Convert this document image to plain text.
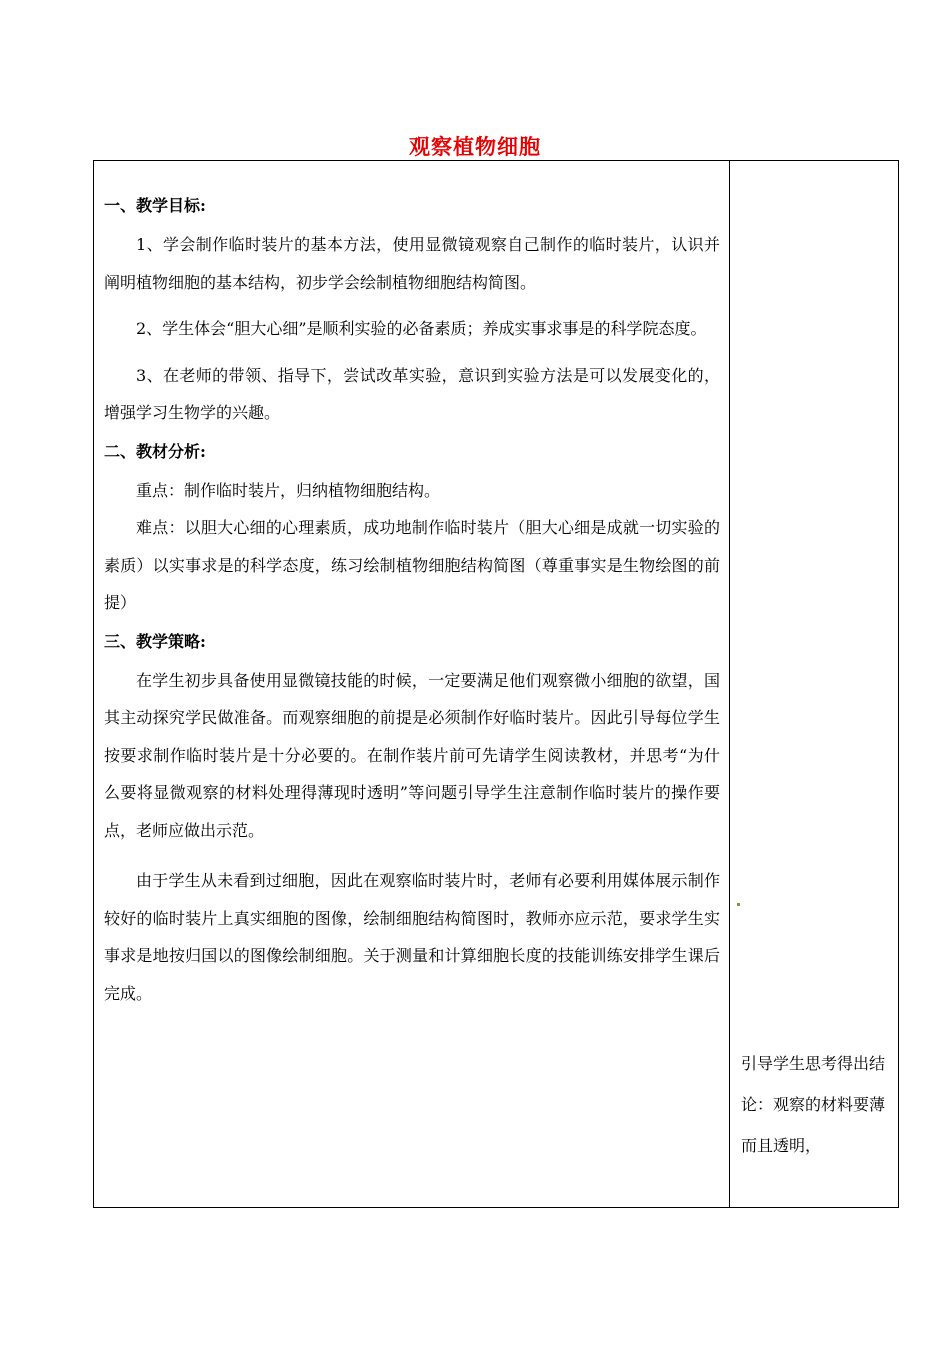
观察植物细胞
一、教学目标:

1、学会制作临时装片的基本方法，使用显微镜观察自己制作的临时装片，认识并阐明植物细胞的基本结构，初步学会绘制植物细胞结构简图。

2、学生体会“胆大心细”是顺利实验的必备素质；养成实事求事是的科学院态度。

3、在老师的带领、指导下，尝试改革实验，意识到实验方法是可以发展变化的，增强学习生物学的兴趣。

二、教材分析:

重点：制作临时装片，归纳植物细胞结构。

难点：以胆大心细的心理素质，成功地制作临时装片（胆大心细是成就一切实验的素质）以实事求是的科学态度，练习绘制植物细胞结构简图（尊重事实是生物绘图的前提）

三、教学策略:

在学生初步具备使用显微镜技能的时候，一定要满足他们观察微小细胞的欲望，国其主动探究学民做准备。而观察细胞的前提是必须制作好临时装片。因此引导每位学生按要求制作临时装片是十分必要的。在制作装片前可先请学生阅读教材，并思考“为什么要将显微观察的材料处理得薄现时透明”等问题引导学生注意制作临时装片的操作要点，老师应做出示范。

由于学生从未看到过细胞，因此在观察临时装片时，老师有必要利用媒体展示制作较好的临时装片上真实细胞的图像，绘制细胞结构简图时，教师亦应示范，要求学生实事求是地按归国以的图像绘制细胞。关于测量和计算细胞长度的技能训练安排学生课后完成。

引导学生思考得出结论：观察的材料要薄而且透明，
